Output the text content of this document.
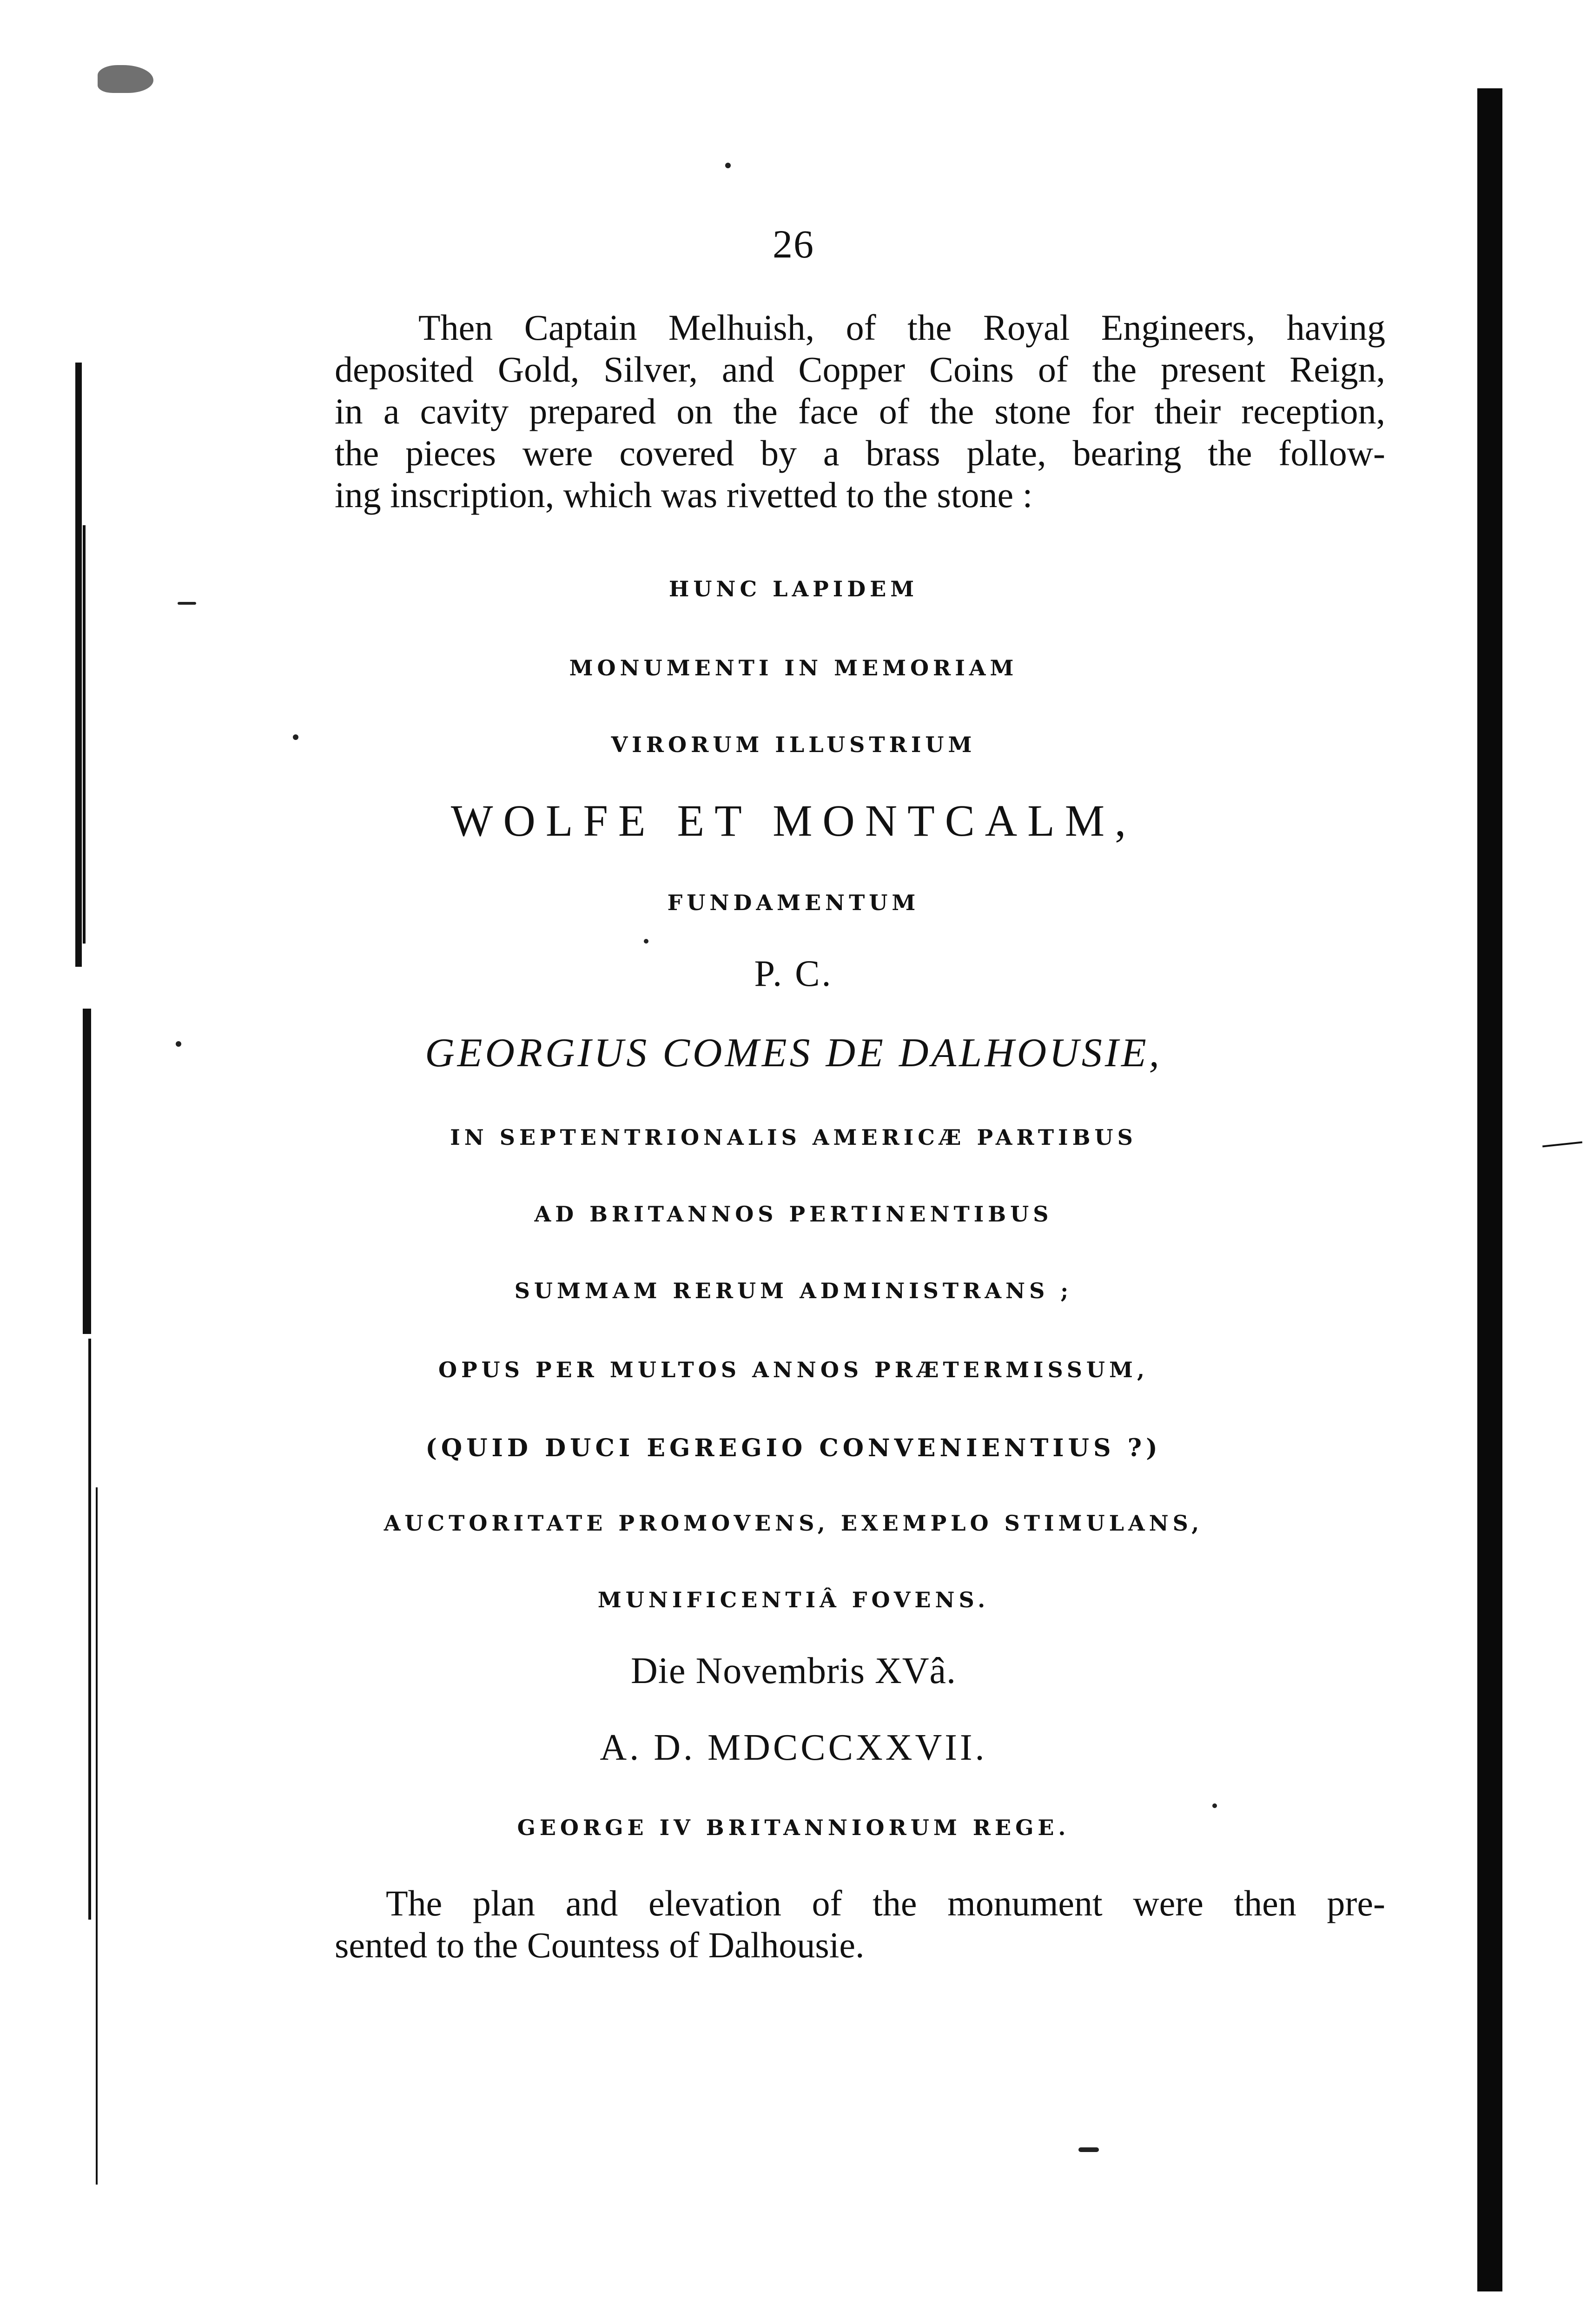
26
Then Captain Melhuish, of the Royal Engineers, having
deposited Gold, Silver, and Copper Coins of the present Reign,
in a cavity prepared on the face of the stone for their reception,
the pieces were covered by a brass plate, bearing the follow-
ing inscription, which was rivetted to the stone :
HUNC LAPIDEM
MONUMENTI IN MEMORIAM
VIRORUM ILLUSTRIUM
WOLFE ET MONTCALM,
FUNDAMENTUM
P. C.
GEORGIUS COMES DE DALHOUSIE,
IN SEPTENTRIONALIS AMERICÆ PARTIBUS
AD BRITANNOS PERTINENTIBUS
SUMMAM RERUM ADMINISTRANS ;
OPUS PER MULTOS ANNOS PRÆTERMISSUM,
(QUID DUCI EGREGIO CONVENIENTIUS ?)
AUCTORITATE PROMOVENS, EXEMPLO STIMULANS,
MUNIFICENTIÂ FOVENS.
Die Novembris XVâ.
A. D. MDCCCXXVII.
GEORGE IV BRITANNIORUM REGE.
The plan and elevation of the monument were then pre-
sented to the Countess of Dalhousie.
